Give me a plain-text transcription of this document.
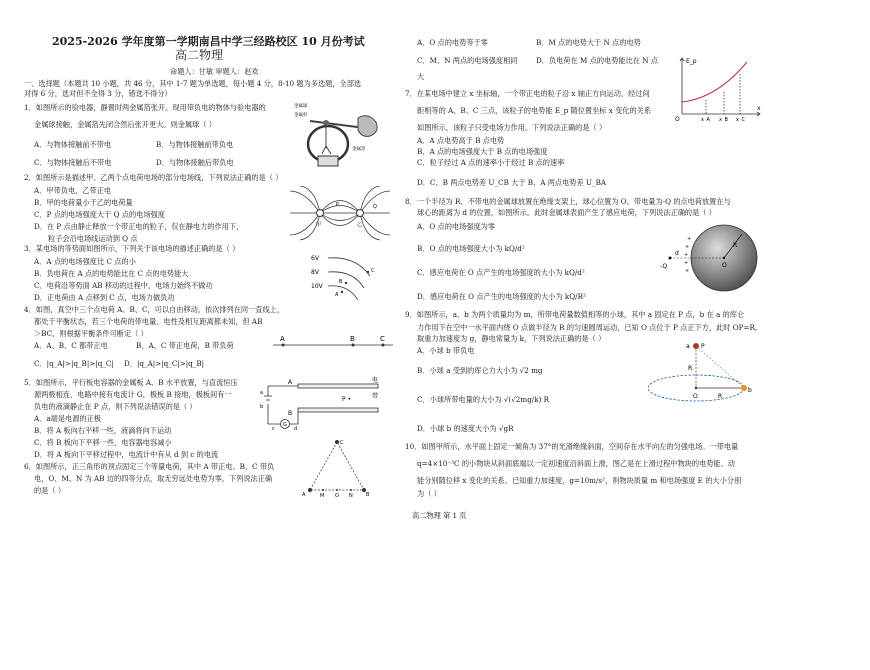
2025-2026 学年度第一学期南昌中学三经路校区 10 月份考试
高二物理
命题人：甘敏 审题人：赵欢
一、选择题（本题共 10 小题，共 46 分，其中 1-7 题为单选题，每小题 4 分，8-10 题为多选题，全部选
对得 6 分，选对但不全得 3 分，错选不得分）
1．如图所示的验电器，静置时两金属箔张开。现用带负电的物体与验电器的
金属球接触，金属箔先闭合然后张开更大。则金属球（ ）
A．与物体接触前不带电	B．与物体接触前带负电
C．与物体接触后不带电	D．与物体接触后带负电
金属球
金属杆
金属箔
2．如图所示是描述甲、乙两个点电荷电场的部分电场线，下列说法正确的是（ ）
A．甲带负电，乙带正电
B．甲的电荷量小于乙的电荷量
C．P 点的电场强度大于 Q 点的电场强度
D．在 P 点由静止释放一个带正电的粒子，仅在静电力的作用下，
粒子会沿电场线运动到 Q 点
甲	乙
P	Q
3．某电场的等势面如图所示，下列关于该电场的描述正确的是（ ）
A．A 点的电场强度比 C 点的小
B．负电荷在 A 点的电势能比在 C 点的电势能大
C．电荷沿等势面 AB 移动的过程中，电场力始终不做功
D．正电荷由 A 点移到 C 点，电场力做负功
6V
8V
10V
A
B
C
4．如图，真空中三个点电荷 A、B、C，可以自由移动，依次排列在同一直线上，
都处于平衡状态，若三个电荷的带电量、电性及相互距离都未知，但 AB
＞BC，则根据平衡条件可断定（ ）
A．A、B、C 都带正电	B．A、C 带正电荷，B 带负荷
C．|q_A|>|q_B|>|q_C| D．|q_A|>|q_C|>|q_B|
A	B	C
5．如图所示，平行板电容器的金属板 A、B 水平放置，与直流恒压
源两极相连，电路中接有电流计 G，极板 B 接地，极板间有一
负电的液滴静止在 P 点，则下列说法错误的是（ ）
A．a端是电源的正极
B．将 A 板向右平移一些，液滴将向下运动
C．将 B 板向下平移一些，电容器电容减小
D．将 A 板向下平移过程中，电流计中有从 d 到 c 的电流
P •
A
B
a
b
c	d
G
电
带
6．如图所示，正三角形的顶点固定三个等量电荷，其中 A 带正电、B、C 带负
电，O、M、N 为 AB 边的四等分点，取无穷远处电势为零，下列说法正确
的是（ ）
C
A	B
M O N
A．O 点的电势等于零	B．M 点的电势大于 N 点的电势
C．M、N 两点的电场强度相同
大
D．负电荷在 M 点的电势能比在 N 点
7．在某电场中建立 x 坐标轴，一个带正电的粒子沿 x 轴正方向运动，经过间
距相等的 A、B、C 三点，该粒子的电势能 E_p 随位置坐标 x 变化的关系
如图所示，该粒子只受电场力作用。下列说法正确的是（ ）
A．A 点电势高于 B 点电势
B．A 点的电场强度大于 B 点的电场强度
C．粒子经过 A 点的速率小于经过 B 点的速率
D．C、B 两点电势差 U_CB 大于 B、A 两点电势差 U_BA
E_p
O
x
x_A x_B x_C
8．一个半径为 R、不带电的金属球放置在绝缘支架上，球心位置为 O。带电量为-Q 的点电荷放置在与
球心的距离为 d 的位置，如图所示。此时金属球表面产生了感应电荷，下列说法正确的是（ ）
A．O 点的电场强度为零
B．O 点的电场强度大小为 kQ/d²
C．感应电荷在 O 点产生的电场强度的大小为 kQ/d²
D．感应电荷在 O 点产生的电场强度的大小为 kQ/R²
+
+
+
+
+
-Q
d
O
R
9．如图所示，a、b 为两个质量均为 m，所带电荷量数值相等的小球，其中 a 固定在 P 点，b 在 a 的库仑
力作用下在空中一水平面内绕 O 点做半径为 R 的匀速圆周运动，已知 O 点位于 P 点正下方，此时 OP=R,
取重力加速度为 g，静电常量为 k，下列说法正确的是（ ）
A．小球 b 带负电
B．小球 a 受到的库仑力大小为 √2 mg
C．小球所带电量的大小为 √(√2mg/k) R
D．小球 b 的速度大小为 √gR
a P
R
O	R
b
10．如图甲所示，水平面上固定一倾角为 37°的光滑绝缘斜面，空间存在水平向左的匀强电场。一带电量
q=4×10⁻³C 的小物块从斜面底端以一定初速度沿斜面上滑，图乙是在上滑过程中物块的电势能、动
能分别随位移 x 变化的关系。已知重力加速度，g=10m/s²，则物块质量 m 和电场强度 E 的大小分别
为（ ）
高二物理 第 1 页
